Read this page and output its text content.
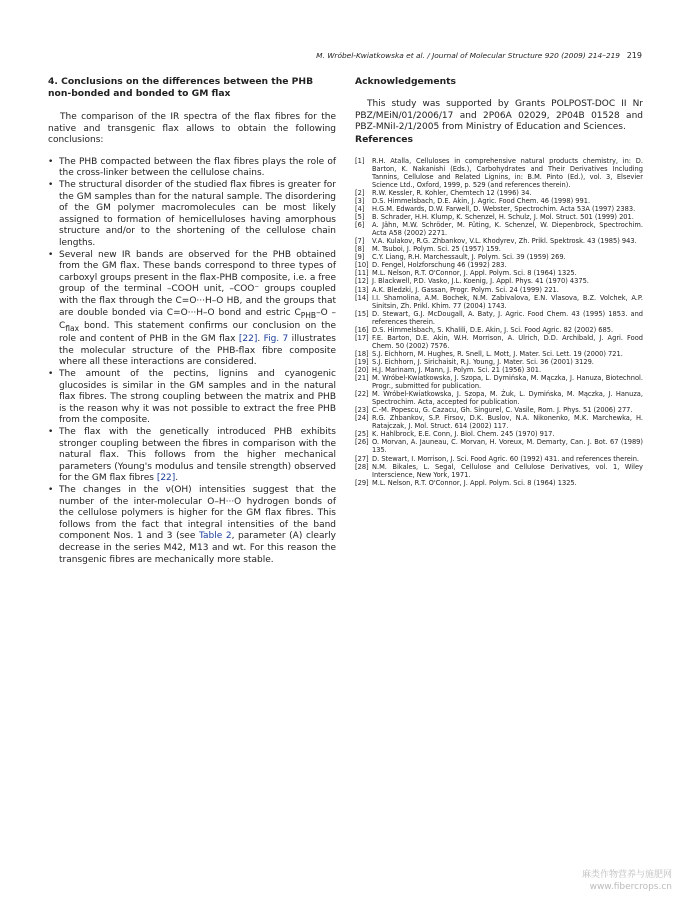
M. Wróbel-Kwiatkowska et al. / Journal of Molecular Structure 920 (2009) 214–219 219
4. Conclusions on the differences between the PHB non-bonded and bonded to GM flax

The comparison of the IR spectra of the flax fibres for the native and transgenic flax allows to obtain the following conclusions:

• The PHB compacted between the flax fibres plays the role of the cross-linker between the cellulose chains.
• The structural disorder of the studied flax fibres is greater for the GM samples than for the natural sample. The disordering of the GM polymer macromolecules can be most likely assigned to formation of hemicelluloses having amorphous structure and/or to the shortening of the cellulose chain lengths.
• Several new IR bands are observed for the PHB obtained from the GM flax. These bands correspond to three types of carboxyl groups present in the flax-PHB composite, i.e. a free group of the terminal –COOH unit, –COO⁻ groups coupled with the flax through the C=O···H–O HB, and the groups that are double bonded via C=O···H–O bond and estric $C_{PHB}-O - C_{flax}$ bond. This statement confirms our conclusion on the role and content of PHB in the GM flax [22]. Fig. 7 illustrates the molecular structure of the PHB-flax fibre composite where all these interactions are considered.
• The amount of the pectins, lignins and cyanogenic glucosides is similar in the GM samples and in the natural flax fibres. The strong coupling between the matrix and PHB is the reason why it was not possible to extract the free PHB from the composite.
• The flax with the genetically introduced PHB exhibits stronger coupling between the fibres in comparison with the natural flax. This follows from the higher mechanical parameters (Young's modulus and tensile strength) observed for the GM flax fibres [22].
• The changes in the ν(OH) intensities suggest that the number of the inter-molecular O–H···O hydrogen bonds of the cellulose polymers is higher for the GM flax fibres. This follows from the fact that integral intensities of the band component Nos. 1 and 3 (see Table 2, parameter (A) clearly decrease in the series M42, M13 and wt. For this reason the transgenic fibres are mechanically more stable.
Acknowledgements

This study was supported by Grants POLPOST-DOC II Nr PBZ/MEiN/01/2006/17 and 2P06A 02029, 2P04B 01528 and PBZ-MNiI-2/1/2005 from Ministry of Education and Sciences.

References
[1] R.H. Atalla, Celluloses in comprehensive natural products chemistry, in: D. Barton, K. Nakanishi (Eds.), Carbohydrates and Their Derivatives Including Tannins, Cellulose and Related Lignins, in: B.M. Pinto (Ed.), vol. 3, Elsevier Science Ltd., Oxford, 1999, p. 529 (and references therein).
[2] R.W. Kessler, R. Kohler, Chemtech 12 (1996) 34.
[3] D.S. Himmelsbach, D.E. Akin, J. Agric. Food Chem. 46 (1998) 991.
[4] H.G.M. Edwards, D.W. Farwell, D. Webster, Spectrochim. Acta 53A (1997) 2383.
[5] B. Schrader, H.H. Klump, K. Schenzel, H. Schulz, J. Mol. Struct. 501 (1999) 201.
[6] A. Jähn, M.W. Schröder, M. Füting, K. Schenzel, W. Diepenbrock, Spectrochim. Acta A58 (2002) 2271.
[7] V.A. Kulakov, R.G. Zhbankov, V.L. Khodyrev, Zh. Prikl. Spektrosk. 43 (1985) 943.
[8] M. Tsuboi, J. Polym. Sci. 25 (1957) 159.
[9] C.Y. Liang, R.H. Marchessault, J. Polym. Sci. 39 (1959) 269.
[10] D. Fengel, Holzforschung 46 (1992) 283.
[11] M.L. Nelson, R.T. O'Connor, J. Appl. Polym. Sci. 8 (1964) 1325.
[12] J. Blackwell, P.D. Vasko, J.L. Koenig, J. Appl. Phys. 41 (1970) 4375.
[13] A.K. Bledzki, J. Gassan, Progr. Polym. Sci. 24 (1999) 221.
[14] I.I. Shamolina, A.M. Bochek, N.M. Zabivalova, E.N. Vlasova, B.Z. Volchek, A.P. Sinitsin, Zh. Prikl. Khim. 77 (2004) 1743.
[15] D. Stewart, G.J. McDougall, A. Baty, J. Agric. Food Chem. 43 (1995) 1853. and references therein.
[16] D.S. Himmelsbach, S. Khalili, D.E. Akin, J. Sci. Food Agric. 82 (2002) 685.
[17] F.E. Barton, D.E. Akin, W.H. Morrison, A. Ulrich, D.D. Archibald, J. Agri. Food Chem. 50 (2002) 7576.
[18] S.J. Eichhorn, M. Hughes, R. Snell, L. Mott, J. Mater. Sci. Lett. 19 (2000) 721.
[19] S.J. Eichhorn, J. Sirichaisit, R.J. Young, J. Mater. Sci. 36 (2001) 3129.
[20] H.J. Marinam, J. Mann, J. Polym. Sci. 21 (1956) 301.
[21] M. Wróbel-Kwiatkowska, J. Szopa, L. Dymińska, M. Mączka, J. Hanuza, Biotechnol. Progr., submitted for publication.
[22] M. Wróbel-Kwiatkowska, J. Szopa, M. Żuk, L. Dymińska, M. Mączka, J. Hanuza, Spectrochim. Acta, accepted for publication.
[23] C.-M. Popescu, G. Cazacu, Gh. Singurel, C. Vasile, Rom. J. Phys. 51 (2006) 277.
[24] R.G. Zhbankov, S.P. Firsov, D.K. Buslov, N.A. Nikonenko, M.K. Marchewka, H. Ratajczak, J. Mol. Struct. 614 (2002) 117.
[25] K. Hahlbrock, E.E. Conn, J. Biol. Chem. 245 (1970) 917.
[26] O. Morvan, A. Jauneau, C. Morvan, H. Voreux, M. Demarty, Can. J. Bot. 67 (1989) 135.
[27] D. Stewart, I. Morrison, J. Sci. Food Agric. 60 (1992) 431. and references therein.
[28] N.M. Bikales, L. Segal, Cellulose and Cellulose Derivatives, vol. 1, Wiley Interscience, New York, 1971.
[29] M.L. Nelson, R.T. O'Connor, J. Appl. Polym. Sci. 8 (1964) 1325.
麻类作物营养与施肥网
www.fibercrops.cn
